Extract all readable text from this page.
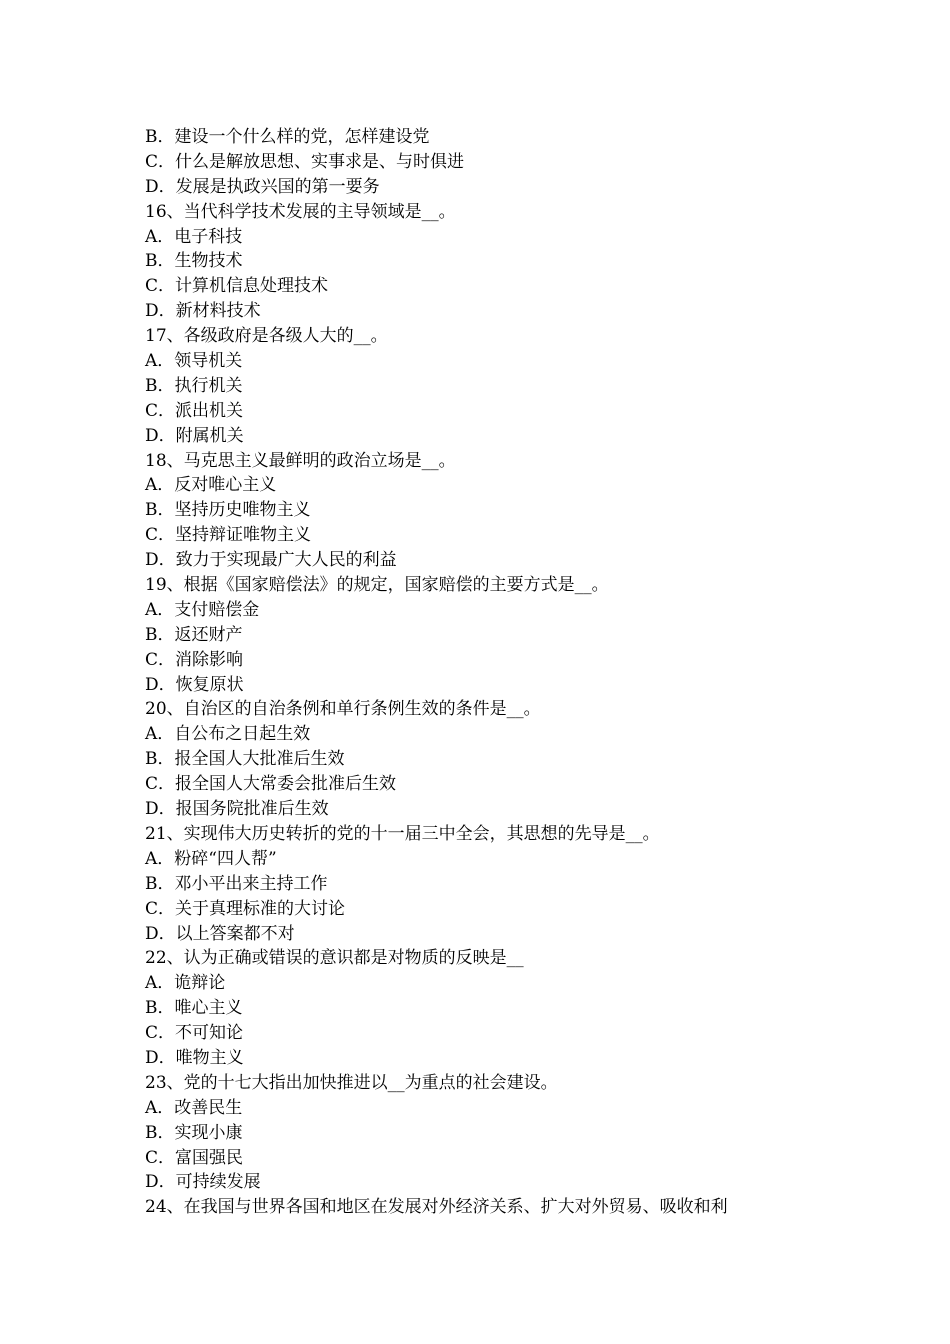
B．建设一个什么样的党，怎样建设党
C．什么是解放思想、实事求是、与时俱进
D．发展是执政兴国的第一要务
16、当代科学技术发展的主导领域是__。
A．电子科技
B．生物技术
C．计算机信息处理技术
D．新材料技术
17、各级政府是各级人大的__。
A．领导机关
B．执行机关
C．派出机关
D．附属机关
18、马克思主义最鲜明的政治立场是__。
A．反对唯心主义
B．坚持历史唯物主义
C．坚持辩证唯物主义
D．致力于实现最广大人民的利益
19、根据《国家赔偿法》的规定，国家赔偿的主要方式是__。
A．支付赔偿金
B．返还财产
C．消除影响
D．恢复原状
20、自治区的自治条例和单行条例生效的条件是__。
A．自公布之日起生效
B．报全国人大批准后生效
C．报全国人大常委会批准后生效
D．报国务院批准后生效
21、实现伟大历史转折的党的十一届三中全会，其思想的先导是__。
A．粉碎“四人帮”
B．邓小平出来主持工作
C．关于真理标准的大讨论
D．以上答案都不对
22、认为正确或错误的意识都是对物质的反映是__
A．诡辩论
B．唯心主义
C．不可知论
D．唯物主义
23、党的十七大指出加快推进以__为重点的社会建设。
A．改善民生
B．实现小康
C．富国强民
D．可持续发展
24、在我国与世界各国和地区在发展对外经济关系、扩大对外贸易、吸收和利
